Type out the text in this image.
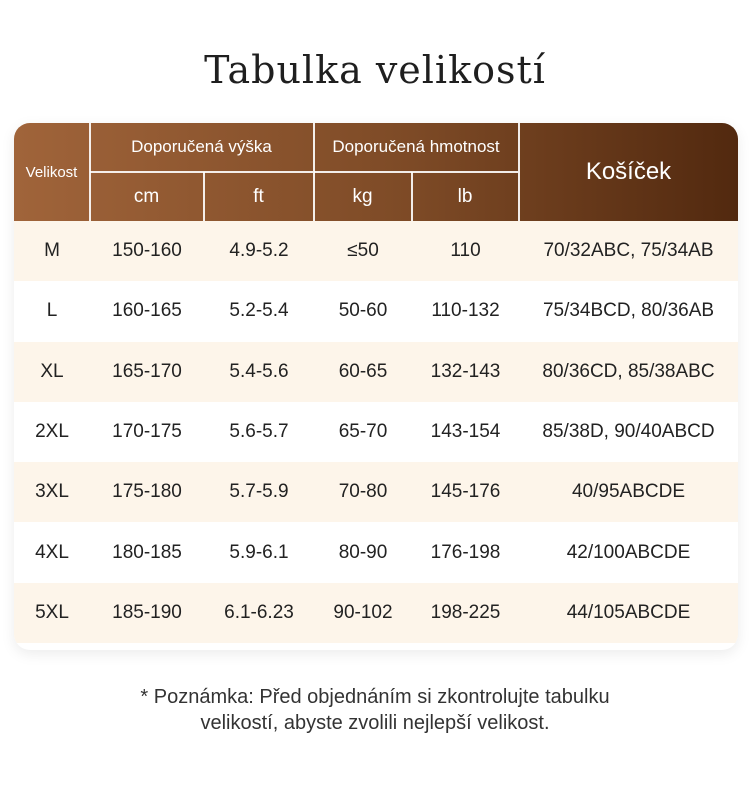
Tabulka velikostí
Velikost
Doporučená výška	Doporučená hmotnost
Košíček
cm	ft	kg	lb
M	150-160	4.9-5.2	≤50	110	70/32ABC, 75/34AB
L	160-165	5.2-5.4	50-60	110-132	75/34BCD, 80/36AB
XL	165-170	5.4-5.6	60-65	132-143	80/36CD, 85/38ABC
2XL	170-175	5.6-5.7	65-70	143-154	85/38D, 90/40ABCD
3XL	175-180	5.7-5.9	70-80	145-176	40/95ABCDE
4XL	180-185	5.9-6.1	80-90	176-198	42/100ABCDE
5XL	185-190	6.1-6.23	90-102	198-225	44/105ABCDE
* Poznámka: Před objednáním si zkontrolujte tabulku
velikostí, abyste zvolili nejlepší velikost.
